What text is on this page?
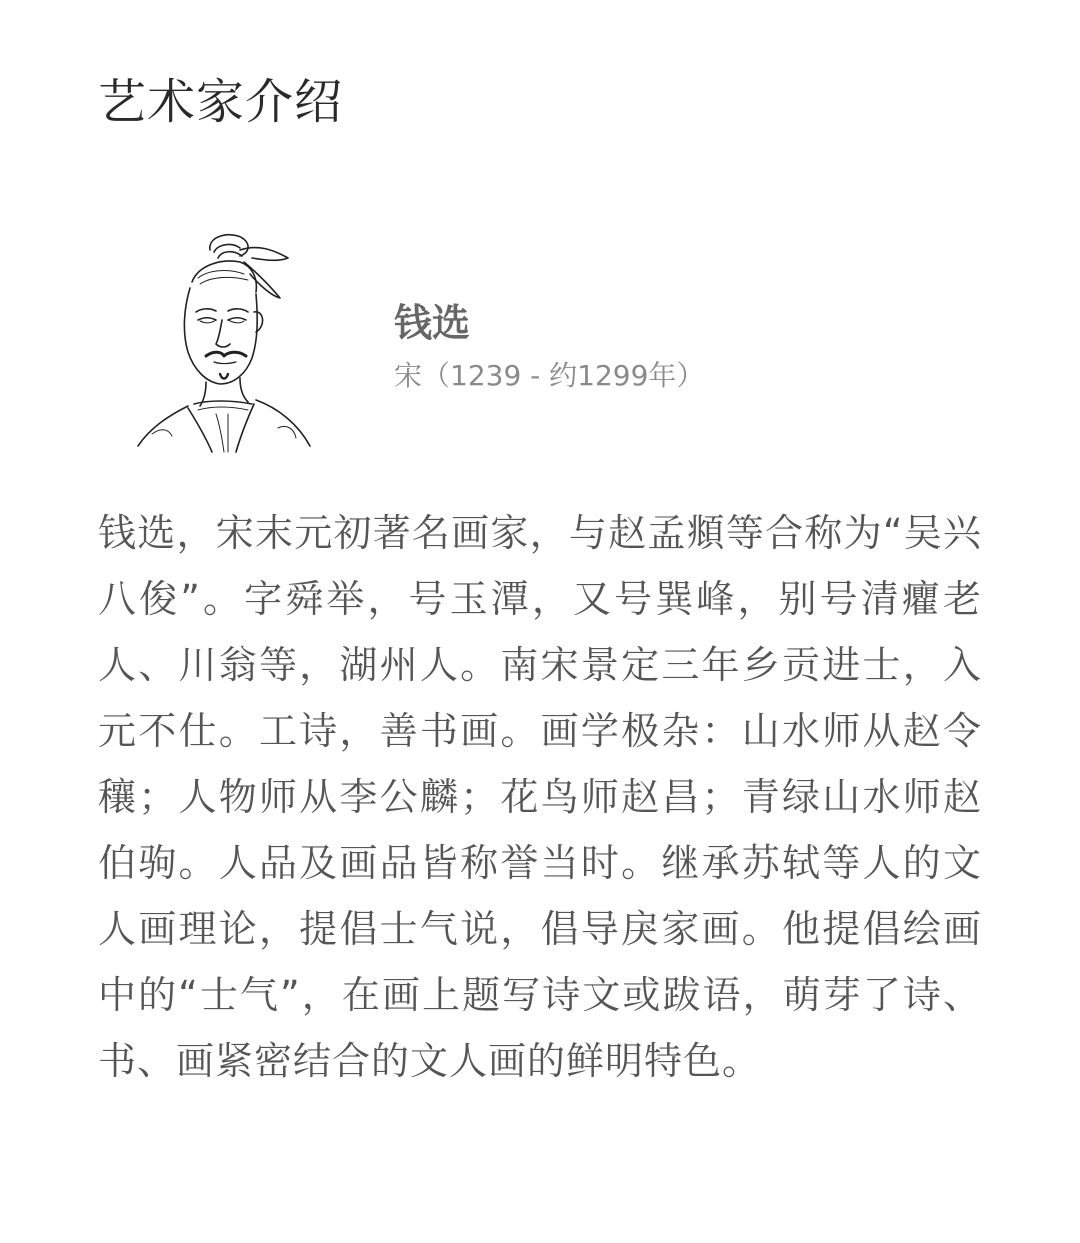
艺术家介绍
钱选
宋（1239 - 约1299年）

钱选，宋末元初著名画家，与赵孟頫等合称为“吴兴八俊”。字舜举，号玉潭，又号巽峰，别号清癯老人、川翁等，湖州人。南宋景定三年乡贡进士，入元不仕。工诗，善书画。画学极杂：山水师从赵令穰；人物师从李公麟；花鸟师赵昌；青绿山水师赵伯驹。人品及画品皆称誉当时。继承苏轼等人的文人画理论，提倡士气说，倡导戾家画。他提倡绘画中的“士气”，在画上题写诗文或跋语，萌芽了诗、书、画紧密结合的文人画的鲜明特色。
